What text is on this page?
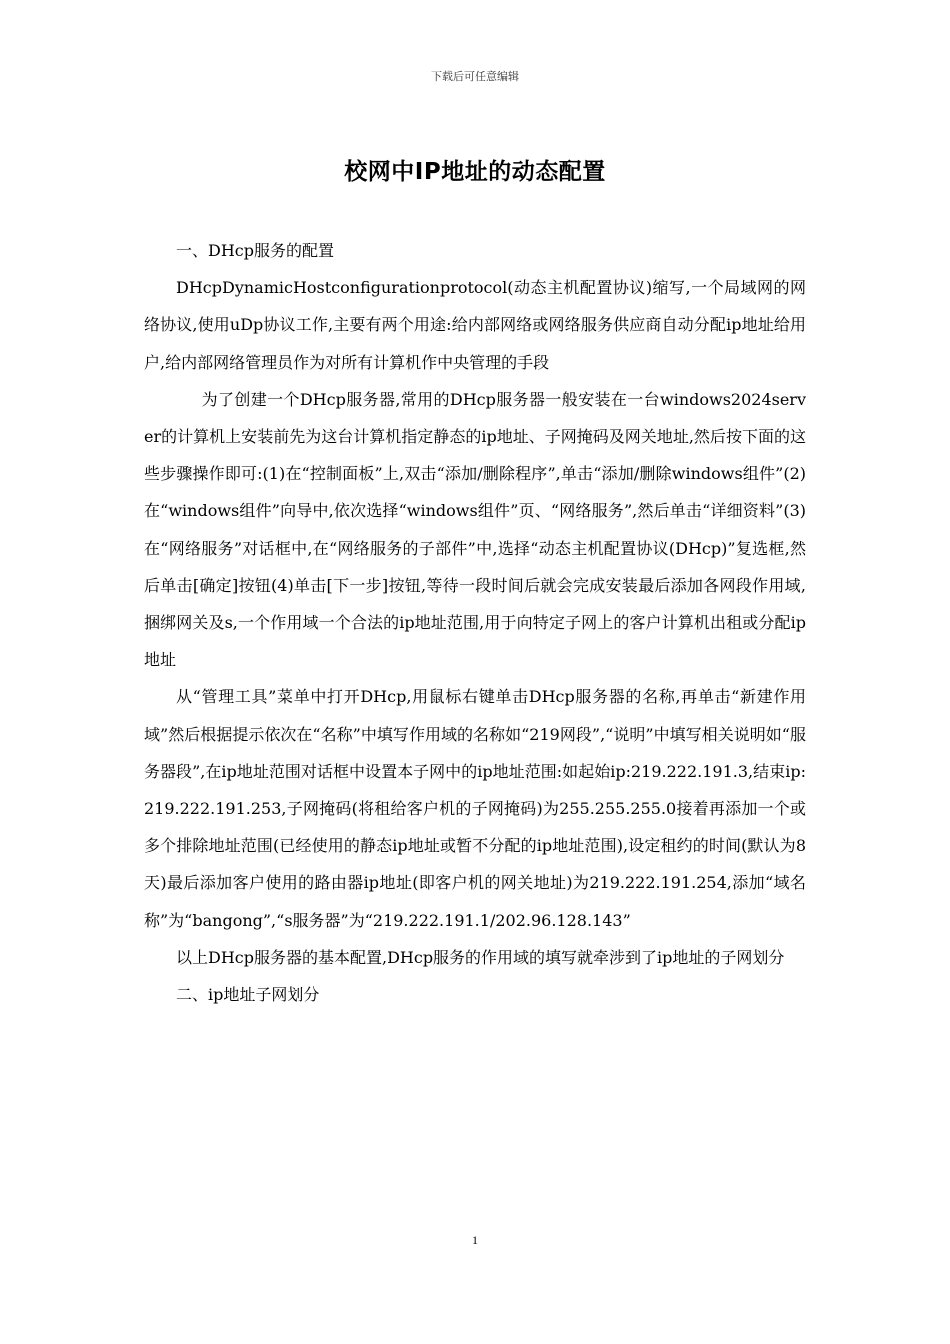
下载后可任意编辑
校网中IP地址的动态配置

一、DHcp服务的配置

DHcpDynamicHostconfigurationprotocol(动态主机配置协议)缩写,一个局域网的网络协议,使用uDp协议工作,主要有两个用途:给内部网络或网络服务供应商自动分配ip地址给用户,给内部网络管理员作为对所有计算机作中央管理的手段

为了创建一个DHcp服务器,常用的DHcp服务器一般安装在一台windows2024server的计算机上安装前先为这台计算机指定静态的ip地址、子网掩码及网关地址,然后按下面的这些步骤操作即可:(1)在“控制面板”上,双击“添加/删除程序”,单击“添加/删除windows组件”(2)在“windows组件”向导中,依次选择“windows组件”页、“网络服务”,然后单击“详细资料”(3)在“网络服务”对话框中,在“网络服务的子部件”中,选择“动态主机配置协议(DHcp)”复选框,然后单击[确定]按钮(4)单击[下一步]按钮,等待一段时间后就会完成安装最后添加各网段作用域,捆绑网关及s,一个作用域一个合法的ip地址范围,用于向特定子网上的客户计算机出租或分配ip地址

从“管理工具”菜单中打开DHcp,用鼠标右键单击DHcp服务器的名称,再单击“新建作用域”然后根据提示依次在“名称”中填写作用域的名称如“219网段”,“说明”中填写相关说明如“服务器段”,在ip地址范围对话框中设置本子网中的ip地址范围:如起始ip:219.222.191.3,结束ip:219.222.191.253,子网掩码(将租给客户机的子网掩码)为255.255.255.0接着再添加一个或多个排除地址范围(已经使用的静态ip地址或暂不分配的ip地址范围),设定租约的时间(默认为8天)最后添加客户使用的路由器ip地址(即客户机的网关地址)为219.222.191.254,添加“域名称”为“bangong”,“s服务器”为“219.222.191.1/202.96.128.143”

以上DHcp服务器的基本配置,DHcp服务的作用域的填写就牵涉到了ip地址的子网划分

二、ip地址子网划分

1
